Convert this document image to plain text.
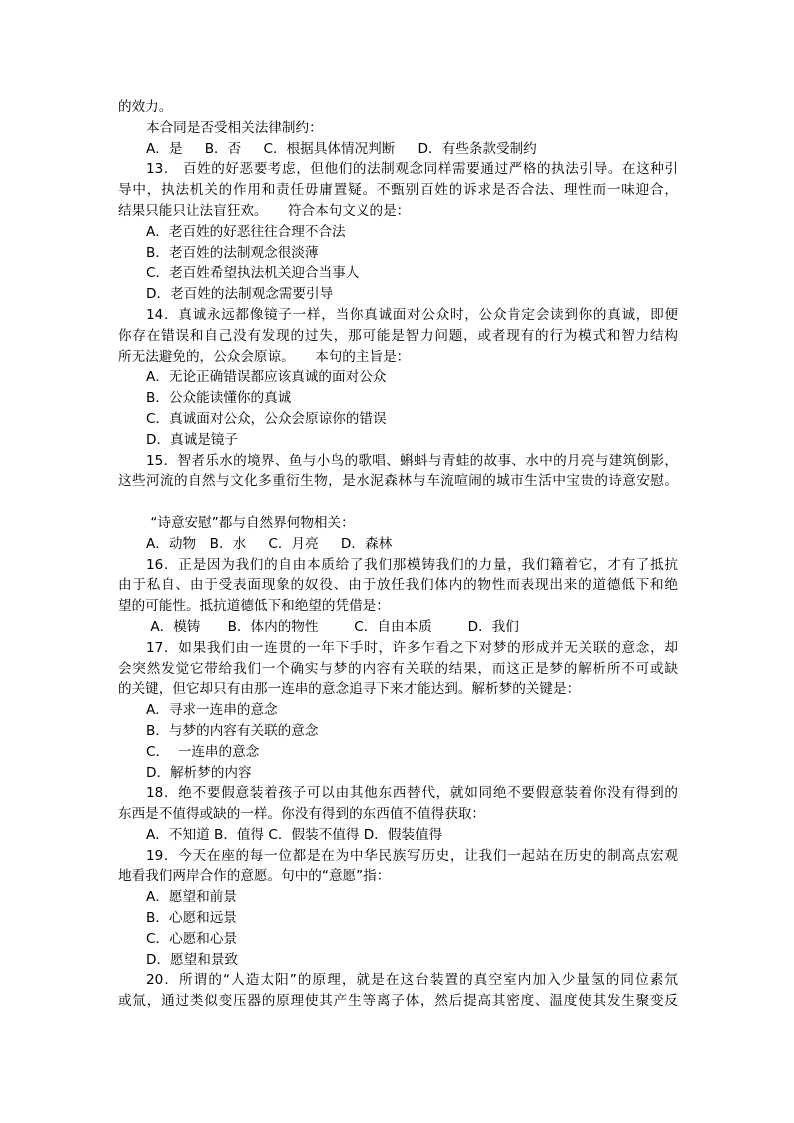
的效力。
本合同是否受相关法律制约：
A．是　  B．否　  C．根据具体情况判断　  D．有些条款受制约
13． 百姓的好恶要考虑，但他们的法制观念同样需要通过严格的执法引导。在这种引
导中，执法机关的作用和责任毋庸置疑。不甄别百姓的诉求是否合法、理性而一味迎合，
结果只能只让法盲狂欢。　　符合本句文义的是：
A．老百姓的好恶往往合理不合法
B．老百姓的法制观念很淡薄
C．老百姓希望执法机关迎合当事人
D．老百姓的法制观念需要引导
14．真诚永远都像镜子一样，当你真诚面对公众时，公众肯定会读到你的真诚，即便
你存在错误和自己没有发现的过失，那可能是智力问题，或者现有的行为模式和智力结构
所无法避免的，公众会原谅。　　本句的主旨是：
A．无论正确错误都应该真诚的面对公众
B．公众能读懂你的真诚
C．真诚面对公众，公众会原谅你的错误
D．真诚是镜子
15．智者乐水的境界、鱼与小鸟的歌唱、蝌蚪与青蛙的故事、水中的月亮与建筑倒影，
这些河流的自然与文化多重衍生物，是水泥森林与车流喧闹的城市生活中宝贵的诗意安慰。
“诗意安慰”都与自然界何物相关：
A．动物　B．水　  C．月亮　  D．森林
16．正是因为我们的自由本质给了我们那模铸我们的力量，我们籍着它，才有了抵抗
由于私自、由于受表面现象的奴役、由于放任我们体内的物性而表现出来的道德低下和绝
望的可能性。抵抗道德低下和绝望的凭借是：
A．模铸　　B．体内的物性　　  C．自由本质　　  D．我们
17．如果我们由一连贯的一年下手时，许多乍看之下对梦的形成并无关联的意念，却
会突然发觉它带给我们一个确实与梦的内容有关联的结果，而这正是梦的解析所不可或缺
的关键，但它却只有由那一连串的意念追寻下来才能达到。解析梦的关键是：
A．寻求一连串的意念
B．与梦的内容有关联的意念
C．  一连串的意念
D．解析梦的内容
18．绝不要假意装着孩子可以由其他东西替代，就如同绝不要假意装着你没有得到的
东西是不值得或缺的一样。你没有得到的东西值不值得获取：
A．不知道 B．值得 C．假装不值得 D．假装值得
19．今天在座的每一位都是在为中华民族写历史，让我们一起站在历史的制高点宏观
地看我们两岸合作的意愿。句中的“意愿”指：
A．愿望和前景
B．心愿和远景
C．心愿和心景
D．愿望和景致
20．所谓的“人造太阳”的原理，就是在这台装置的真空室内加入少量氢的同位素氘
或氚，通过类似变压器的原理使其产生等离子体，然后提高其密度、温度使其发生聚变反
